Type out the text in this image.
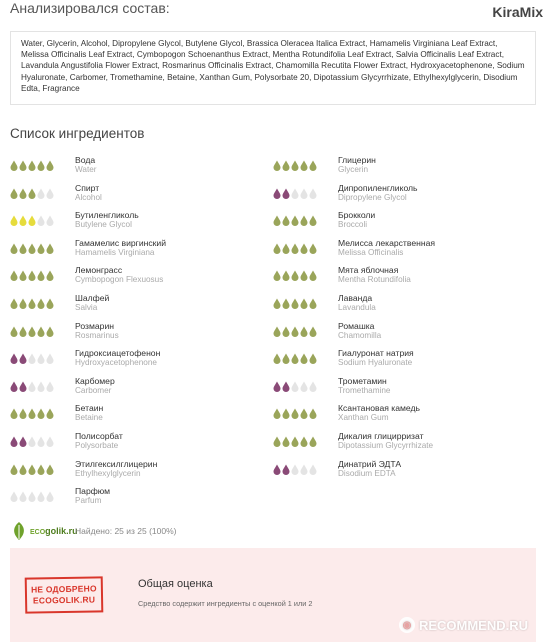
Анализировался состав:	KiraMix
Water, Glycerin, Alcohol, Dipropylene Glycol, Butylene Glycol, Brassica Oleracea Italica Extract, Hamamelis Virginiana Leaf Extract, Melissa Officinalis Leaf Extract, Cymbopogon Schoenanthus Extract, Mentha Rotundifolia Leaf Extract, Salvia Officinalis Leaf Extract, Lavandula Angustifolia Flower Extract, Rosmarinus Officinalis Extract, Chamomilla Recutita Flower Extract, Hydroxyacetophenone, Sodium Hyaluronate, Carbomer, Tromethamine, Betaine, Xanthan Gum, Polysorbate 20, Dipotassium Glycyrrhizate, Ethylhexylglycerin, Disodium Edta, Fragrance
Список ингредиентов
Вода
Water
Спирт
Alcohol
Бутиленгликоль
Butylene Glycol
Гамамелис виргинский
Hamamelis Virginiana
Лемонграсс
Cymbopogon Flexuosus
Шалфей
Salvia
Розмарин
Rosmarinus
Гидроксиацетофенон
Hydroxyacetophenone
Карбомер
Carbomer
Бетаин
Betaine
Полисорбат
Polysorbate
Этилгексилглицерин
Ethylhexylglycerin
Парфюм
Parfum
Глицерин
Glycerin
Дипропиленгликоль
Dipropylene Glycol
Брокколи
Broccoli
Мелисса лекарственная
Melissa Officinalis
Мята яблочная
Mentha Rotundifolia
Лаванда
Lavandula
Ромашка
Chamomilla
Гиалуронат натрия
Sodium Hyaluronate
Трометамин
Tromethamine
Ксантановая камедь
Xanthan Gum
Дикалия глицирризат
Dipotassium Glycyrrhizate
Динатрий ЭДТА
Disodium EDTA
ECOgolik.ru
Найдено: 25 из 25 (100%)
НЕ ОДОБРЕНО
ECOGOLIK.RU
Общая оценка
Средство содержит ингредиенты с оценкой 1 или 2
◉ RECOMMEND.RU
